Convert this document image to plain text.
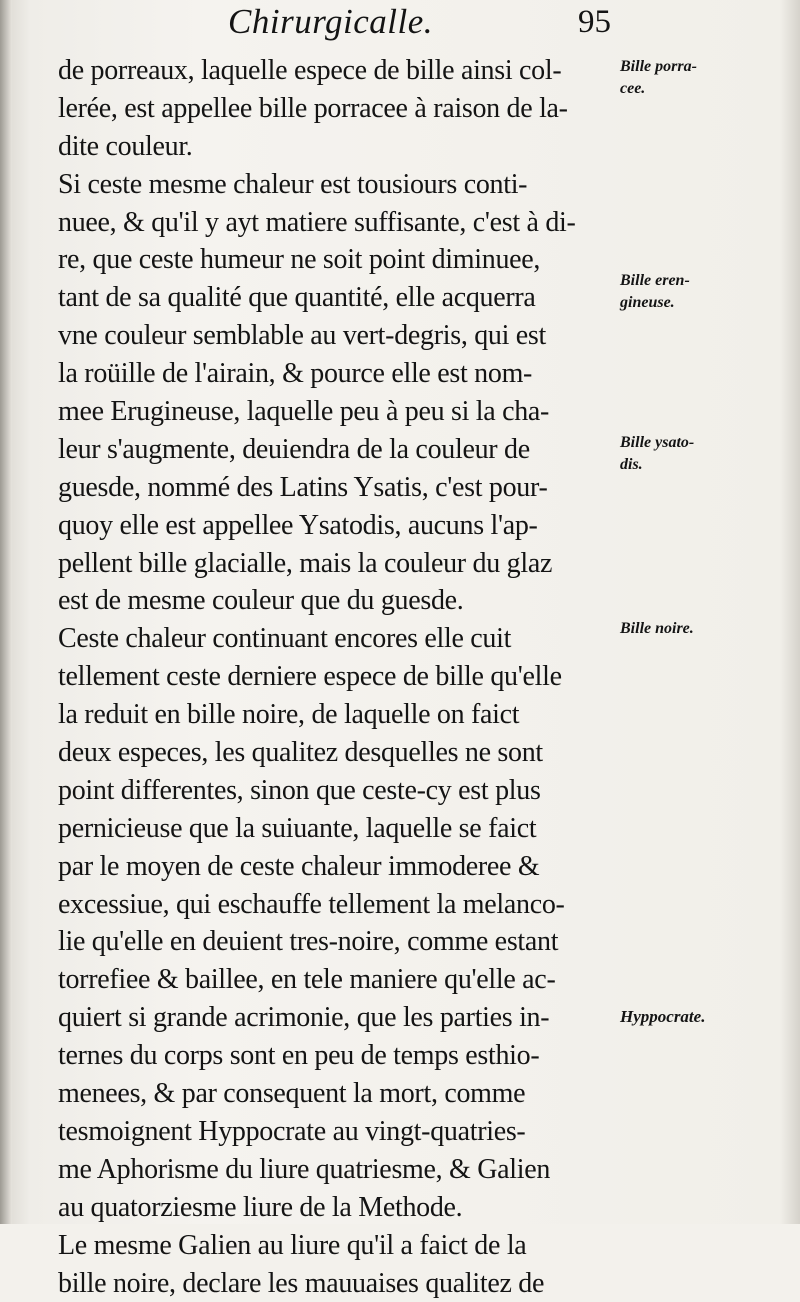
Chirurgicalle.	95
de porreaux, laquelle espece de bille ainsi col-
lerée, est appellee bille porracee à raison de la-
dite couleur.
Si ceste mesme chaleur est tousiours conti-
nuee, & qu'il y ayt matiere suffisante, c'est à di-
re, que ceste humeur ne soit point diminuee,
tant de sa qualité que quantité, elle acquerra
vne couleur semblable au vert-degris, qui est
la roüille de l'airain, & pource elle est nom-
mee Erugineuse, laquelle peu à peu si la cha-
leur s'augmente, deuiendra de la couleur de
guesde, nommé des Latins Ysatis, c'est pour-
quoy elle est appellee Ysatodis, aucuns l'ap-
pellent bille glacialle, mais la couleur du glaz
est de mesme couleur que du guesde.
Ceste chaleur continuant encores elle cuit
tellement ceste derniere espece de bille qu'elle
la reduit en bille noire, de laquelle on faict
deux especes, les qualitez desquelles ne sont
point differentes, sinon que ceste-cy est plus
pernicieuse que la suiuante, laquelle se faict
par le moyen de ceste chaleur immoderee &
excessiue, qui eschauffe tellement la melanco-
lie qu'elle en deuient tres-noire, comme estant
torrefiee & baillee, en tele maniere qu'elle ac-
quiert si grande acrimonie, que les parties in-
ternes du corps sont en peu de temps esthio-
menees, & par consequent la mort, comme
tesmoignent Hyppocrate au vingt-quatries-
me Aphorisme du liure quatriesme, & Galien
au quatorziesme liure de la Methode.
Le mesme Galien au liure qu'il a faict de la
bille noire, declare les mauuaises qualitez de
Bille porra-
cee.
Bille eren-
gineuse.
Bille ysato-
dis.
Bille noire.
Hyppocrate.
